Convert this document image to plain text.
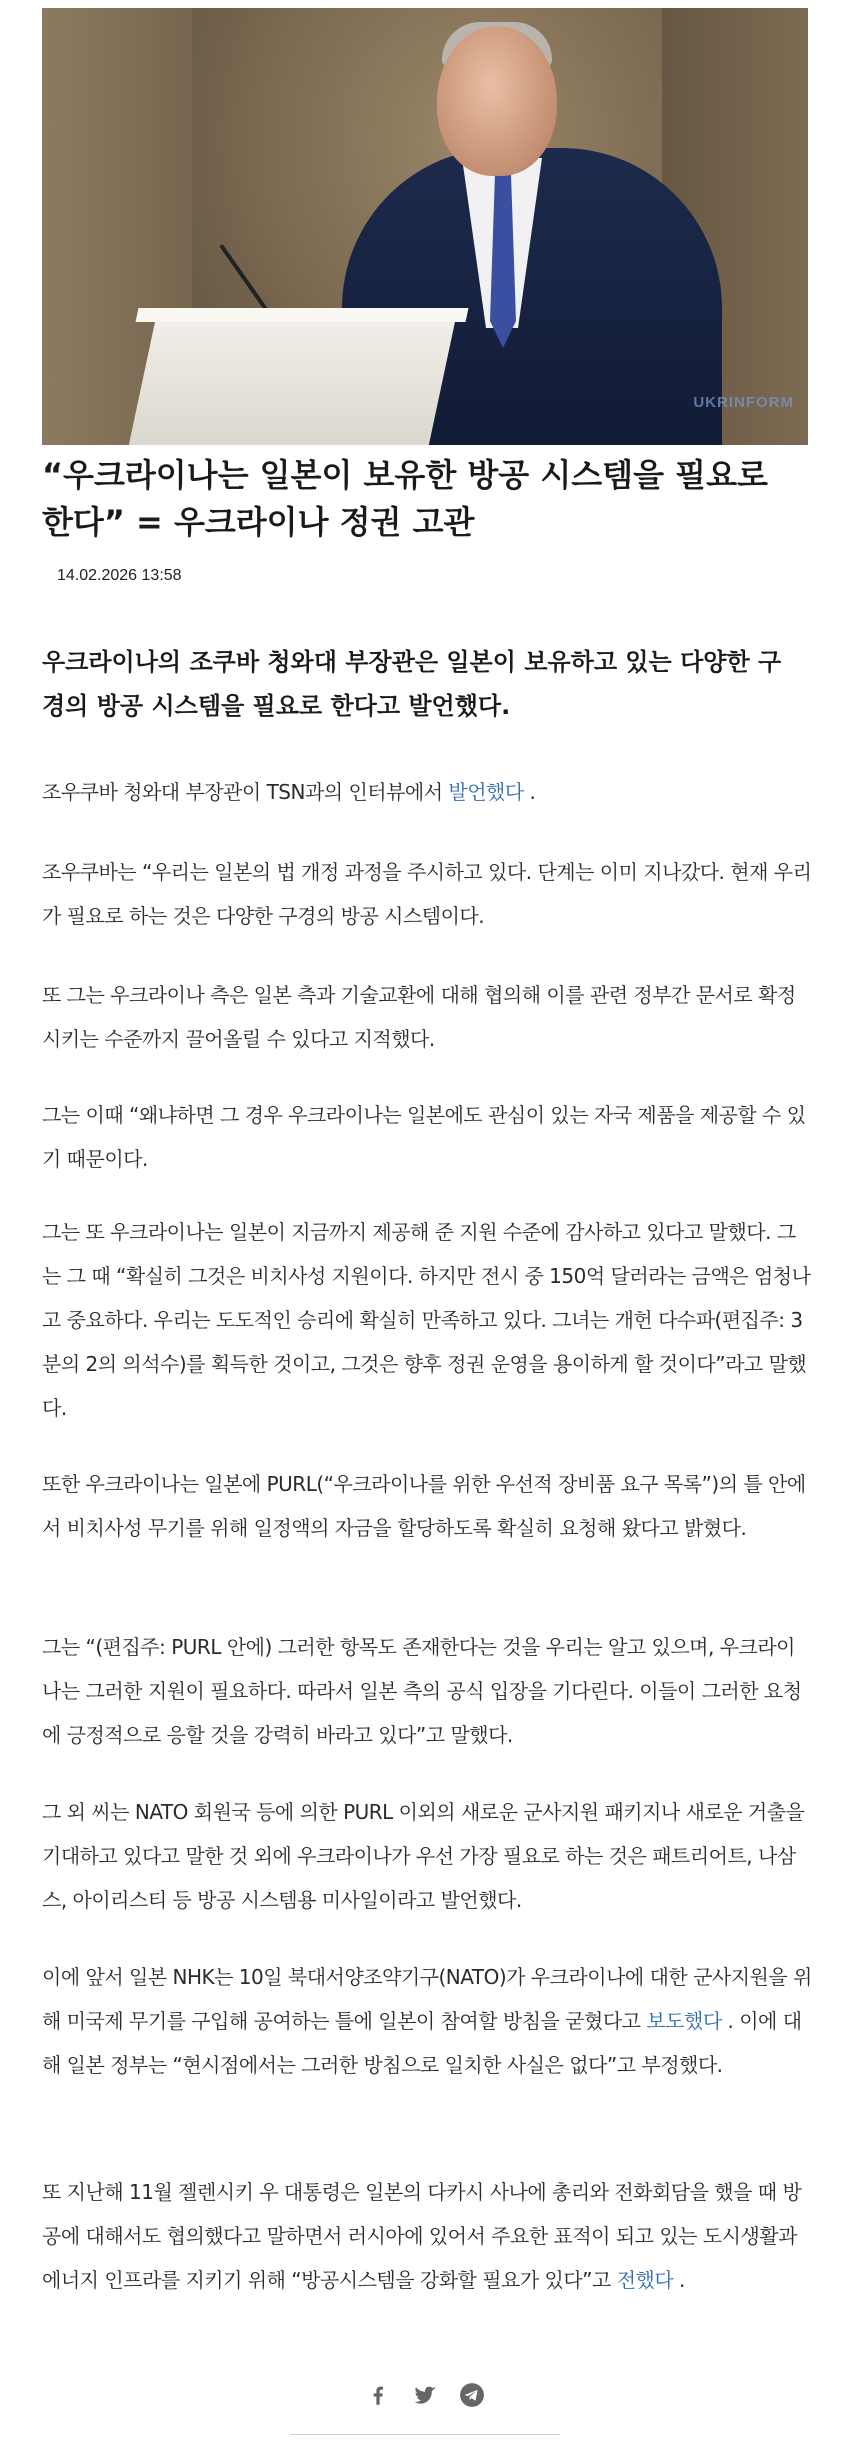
UKRINFORM
“우크라이나는 일본이 보유한 방공 시스템을 필요로 한다” = 우크라이나 정권 고관
14.02.2026 13:58

우크라이나의 조쿠바 청와대 부장관은 일본이 보유하고 있는 다양한 구경의 방공 시스템을 필요로 한다고 발언했다.

조우쿠바 청와대 부장관이 TSN과의 인터뷰에서 발언했다 .

조우쿠바는 “우리는 일본의 법 개정 과정을 주시하고 있다. 단계는 이미 지나갔다. 현재 우리가 필요로 하는 것은 다양한 구경의 방공 시스템이다.

또 그는 우크라이나 측은 일본 측과 기술교환에 대해 협의해 이를 관련 정부간 문서로 확정시키는 수준까지 끌어올릴 수 있다고 지적했다.

그는 이때 “왜냐하면 그 경우 우크라이나는 일본에도 관심이 있는 자국 제품을 제공할 수 있기 때문이다.

그는 또 우크라이나는 일본이 지금까지 제공해 준 지원 수준에 감사하고 있다고 말했다. 그는 그 때 “확실히 그것은 비치사성 지원이다. 하지만 전시 중 150억 달러라는 금액은 엄청나고 중요하다. 우리는 도도적인 승리에 확실히 만족하고 있다. 그녀는 개헌 다수파(편집주: 3분의 2의 의석수)를 획득한 것이고, 그것은 향후 정권 운영을 용이하게 할 것이다”라고 말했다.

또한 우크라이나는 일본에 PURL(“우크라이나를 위한 우선적 장비품 요구 목록”)의 틀 안에서 비치사성 무기를 위해 일정액의 자금을 할당하도록 확실히 요청해 왔다고 밝혔다.

그는 “(편집주: PURL 안에) 그러한 항목도 존재한다는 것을 우리는 알고 있으며, 우크라이나는 그러한 지원이 필요하다. 따라서 일본 측의 공식 입장을 기다린다. 이들이 그러한 요청에 긍정적으로 응할 것을 강력히 바라고 있다”고 말했다.

그 외 씨는 NATO 회원국 등에 의한 PURL 이외의 새로운 군사지원 패키지나 새로운 거출을 기대하고 있다고 말한 것 외에 우크라이나가 우선 가장 필요로 하는 것은 패트리어트, 나삼스, 아이리스티 등 방공 시스템용 미사일이라고 발언했다.

이에 앞서 일본 NHK는 10일 북대서양조약기구(NATO)가 우크라이나에 대한 군사지원을 위해 미국제 무기를 구입해 공여하는 틀에 일본이 참여할 방침을 굳혔다고 보도했다 . 이에 대해 일본 정부는 “현시점에서는 그러한 방침으로 일치한 사실은 없다”고 부정했다.

또 지난해 11월 젤렌시키 우 대통령은 일본의 다카시 사나에 총리와 전화회담을 했을 때 방공에 대해서도 협의했다고 말하면서 러시아에 있어서 주요한 표적이 되고 있는 도시생활과 에너지 인프라를 지키기 위해 “방공시스템을 강화할 필요가 있다”고 전했다 .
